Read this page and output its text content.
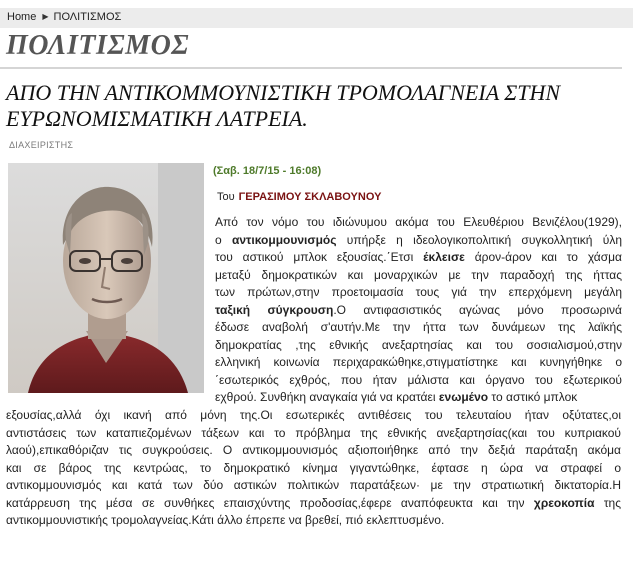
Home ▶ ΠΟΛΙΤΙΣΜΟΣ
ΠΟΛΙΤΙΣΜΟΣ
ΑΠΟ ΤΗΝ ΑΝΤΙΚΟΜΜΟΥΝΙΣΤΙΚΗ ΤΡΟΜΟΛΑΓΝΕΙΑ ΣΤΗΝ ΕΥΡΩΝΟΜΙΣΜΑΤΙΚΗ ΛΑΤΡΕΙΑ.
ΔΙΑΧΕΙΡΙΣΤΗΣ
(Σαβ. 18/7/15 - 16:08)
Του ΓΕΡΑΣΙΜΟΥ ΣΚΛΑΒΟΥΝΟΥ
Από τον νόμο του ιδιώνυμου ακόμα του Ελευθέριου Βενιζέλου(1929),
ο αντικομμουνισμός υπήρξε η ιδεολογικοπολιτική συγκολλητική ύλη
του αστικού μπλοκ εξουσίας.΄Ετσι έκλεισε άρον-άρον και το χάσμα
μεταξύ δημοκρατικών και μοναρχικών με την παραδοχή της ήττας
των πρώτων,στην προετοιμασία τους γιά την επερχόμενη μεγάλη
ταξική σύγκρουση.Ο αντιφασιστικός αγώνας μόνο προσωρινά
έδωσε αναβολή σ'αυτήν.Με την ήττα των δυνάμεων της λαϊκής
δημοκρατίας ,της εθνικής ανεξαρτησίας και του σοσιαλισμού,στην
ελληνική κοινωνία περιχαρακώθηκε,στιγματίστηκε και κυνηγήθηκε ο
΄εσωτερικός εχθρός, που ήταν μάλιστα και όργανο του εξωτερικού
εχθρού. Συνθήκη αναγκαία γιά να κρατάει ενωμένο το αστικό μπλοκ
εξουσίας,αλλά όχι ικανή από μόνη της.Οι εσωτερικές αντιθέσεις του τελευταίου ήταν οξύτατες,οι
αντιστάσεις των καταπιεζομένων τάξεων και το πρόβλημα της εθνικής ανεξαρτησίας(και του κυπριακού
λαού),επικαθόριζαν τις συγκρούσεις. Ο αντικομμουνισμός αξιοποιήθηκε από την δεξιά παράταξη ακόμα
και σε βάρος της κεντρώας, το δημοκρατικό κίνημα γιγαντώθηκε, έφτασε η ώρα να στραφεί ο
αντικομμουνισμός και κατά των δύο αστικών πολιτικών παρατάξεων· με την στρατιωτική δικτατορία.Η
κατάρρευση της μέσα σε συνθήκες επαισχύντης προδοσίας,έφερε αναπόφευκτα και την χρεοκοπία της
αντικομμουνιστικής τρομολαγνείας.Κάτι άλλο έπρεπε να βρεθεί, πιό εκλεπτυσμένο.
